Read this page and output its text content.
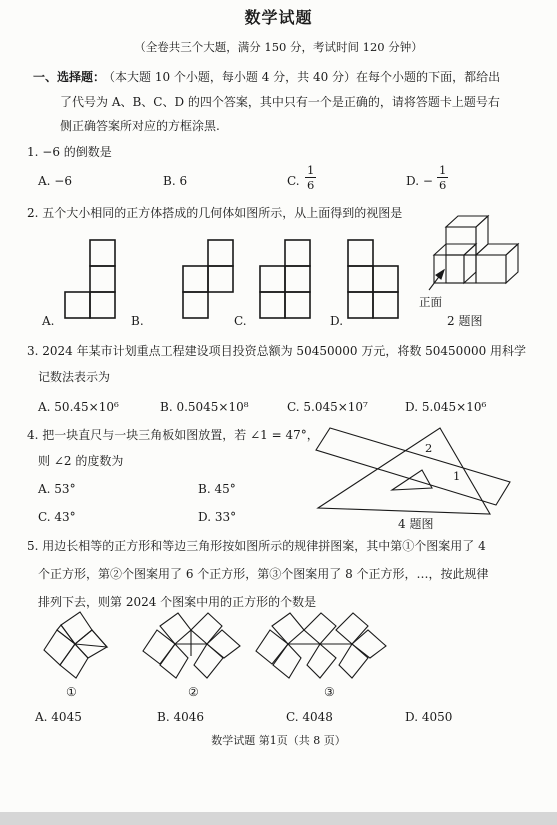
数学试题
（全卷共三个大题，满分 150 分，考试时间 120 分钟）
一、选择题：
（本大题 10 个小题，每小题 4 分，共 40 分）在每个小题的下面，都给出
了代号为 A、B、C、D 的四个答案，其中只有一个是正确的，请将答题卡上题号右
侧正确答案所对应的方框涂黑.
1. −6 的倒数是
A. −6	B. 6	C. $\frac{1}{6}$	D. − $\frac{1}{6}$
2. 五个大小相同的正方体搭成的几何体如图所示，从上面得到的视图是
正面
A.	B.	C.	D.	2 题图
3. 2024 年某市计划重点工程建设项目投资总额为 50450000 万元，将数 50450000 用科学
记数法表示为
A. 50.45×10⁶	B. 0.5045×10⁸	C. 5.045×10⁷	D. 5.045×10⁶
4. 把一块直尺与一块三角板如图放置，若 ∠1 = 47°，
则 ∠2 的度数为
A. 53°	B. 45°
C. 43°	D. 33°
2
1
4 题图
5. 用边长相等的正方形和等边三角形按如图所示的规律拼图案，其中第①个图案用了 4
个正方形，第②个图案用了 6 个正方形，第③个图案用了 8 个正方形，…，按此规律
排列下去，则第 2024 个图案中用的正方形的个数是
①	②	③
A. 4045	B. 4046	C. 4048	D. 4050
数学试题 第1页（共 8 页）
